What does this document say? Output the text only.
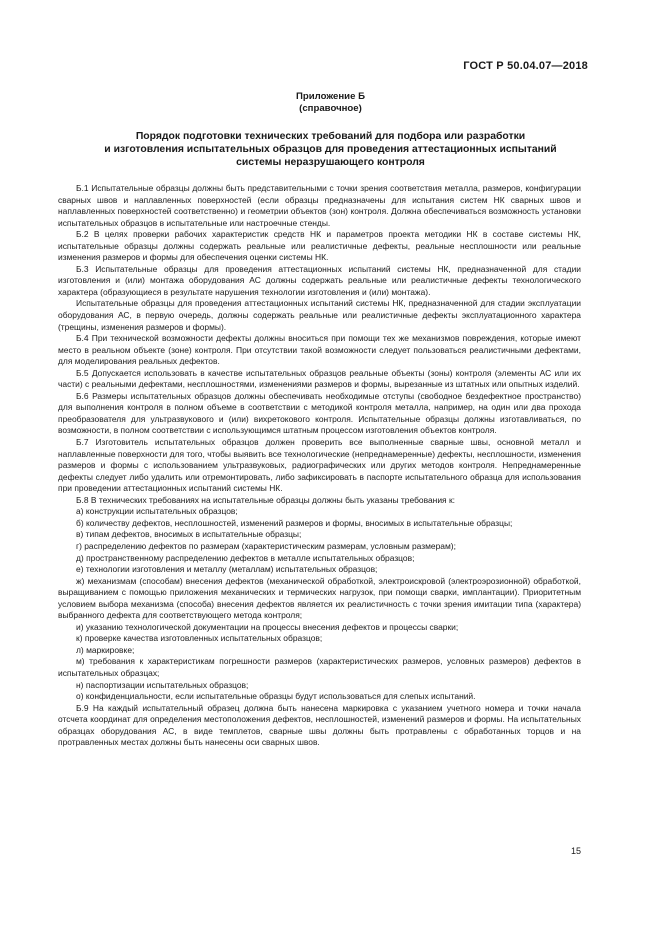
ГОСТ Р 50.04.07—2018
Приложение Б
(справочное)
Порядок подготовки технических требований для подбора или разработки
и изготовления испытательных образцов для проведения аттестационных испытаний
системы неразрушающего контроля

Б.1 Испытательные образцы должны быть представительными с точки зрения соответствия металла, размеров, конфигурации сварных швов и наплавленных поверхностей (если образцы предназначены для испытания систем НК сварных швов и наплавленных поверхностей соответственно) и геометрии объектов (зон) контроля. Должна обеспечиваться возможность установки испытательных образцов в испытательные или настроечные стенды.

Б.2 В целях проверки рабочих характеристик средств НК и параметров проекта методики НК в составе системы НК, испытательные образцы должны содержать реальные или реалистичные дефекты, реальные несплошности или реальные изменения размеров и формы для обеспечения оценки системы НК.

Б.3 Испытательные образцы для проведения аттестационных испытаний системы НК, предназначенной для стадии изготовления и (или) монтажа оборудования АС должны содержать реальные или реалистичные дефекты технологического характера (образующиеся в результате нарушения технологии изготовления и (или) монтажа).

Испытательные образцы для проведения аттестационных испытаний системы НК, предназначенной для стадии эксплуатации оборудования АС, в первую очередь, должны содержать реальные или реалистичные дефекты эксплуатационного характера (трещины, изменения размеров и формы).

Б.4 При технической возможности дефекты должны вноситься при помощи тех же механизмов повреждения, которые имеют место в реальном объекте (зоне) контроля. При отсутствии такой возможности следует пользоваться реалистичными дефектами, для моделирования реальных дефектов.

Б.5 Допускается использовать в качестве испытательных образцов реальные объекты (зоны) контроля (элементы АС или их части) с реальными дефектами, несплошностями, изменениями размеров и формы, вырезанные из штатных или опытных изделий.

Б.6 Размеры испытательных образцов должны обеспечивать необходимые отступы (свободное бездефектное пространство) для выполнения контроля в полном объеме в соответствии с методикой контроля металла, например, на один или два прохода преобразователя для ультразвукового и (или) вихретокового контроля. Испытательные образцы должны изготавливаться, по возможности, в полном соответствии с использующимся штатным процессом изготовления объектов контроля.

Б.7 Изготовитель испытательных образцов должен проверить все выполненные сварные швы, основной металл и наплавленные поверхности для того, чтобы выявить все технологические (непреднамеренные) дефекты, несплошности, изменения размеров и формы с использованием ультразвуковых, радиографических или других методов контроля. Непреднамеренные дефекты следует либо удалить или отремонтировать, либо зафиксировать в паспорте испытательного образца для использования при проведении аттестационных испытаний системы НК.

Б.8 В технических требованиях на испытательные образцы должны быть указаны требования к:

а) конструкции испытательных образцов;

б) количеству дефектов, несплошностей, изменений размеров и формы, вносимых в испытательные образцы;

в) типам дефектов, вносимых в испытательные образцы;

г) распределению дефектов по размерам (характеристическим размерам, условным размерам);

д) пространственному распределению дефектов в металле испытательных образцов;

е) технологии изготовления и металлу (металлам) испытательных образцов;

ж) механизмам (способам) внесения дефектов (механической обработкой, электроискровой (электроэрозионной) обработкой, выращиванием с помощью приложения механических и термических нагрузок, при помощи сварки, имплантации). Приоритетным условием выбора механизма (способа) внесения дефектов является их реалистичность с точки зрения имитации типа (характера) выбранного дефекта для соответствующего метода контроля;

и) указанию технологической документации на процессы внесения дефектов и процессы сварки;

к) проверке качества изготовленных испытательных образцов;

л) маркировке;

м) требования к характеристикам погрешности размеров (характеристических размеров, условных размеров) дефектов в испытательных образцах;

н) паспортизации испытательных образцов;

о) конфиденциальности, если испытательные образцы будут использоваться для слепых испытаний.

Б.9 На каждый испытательный образец должна быть нанесена маркировка с указанием учетного номера и точки начала отсчета координат для определения местоположения дефектов, несплошностей, изменений размеров и формы. На испытательных образцах оборудования АС, в виде темплетов, сварные швы должны быть протравлены с обработанных торцов и на протравленных местах должны быть нанесены оси сварных швов.

15
